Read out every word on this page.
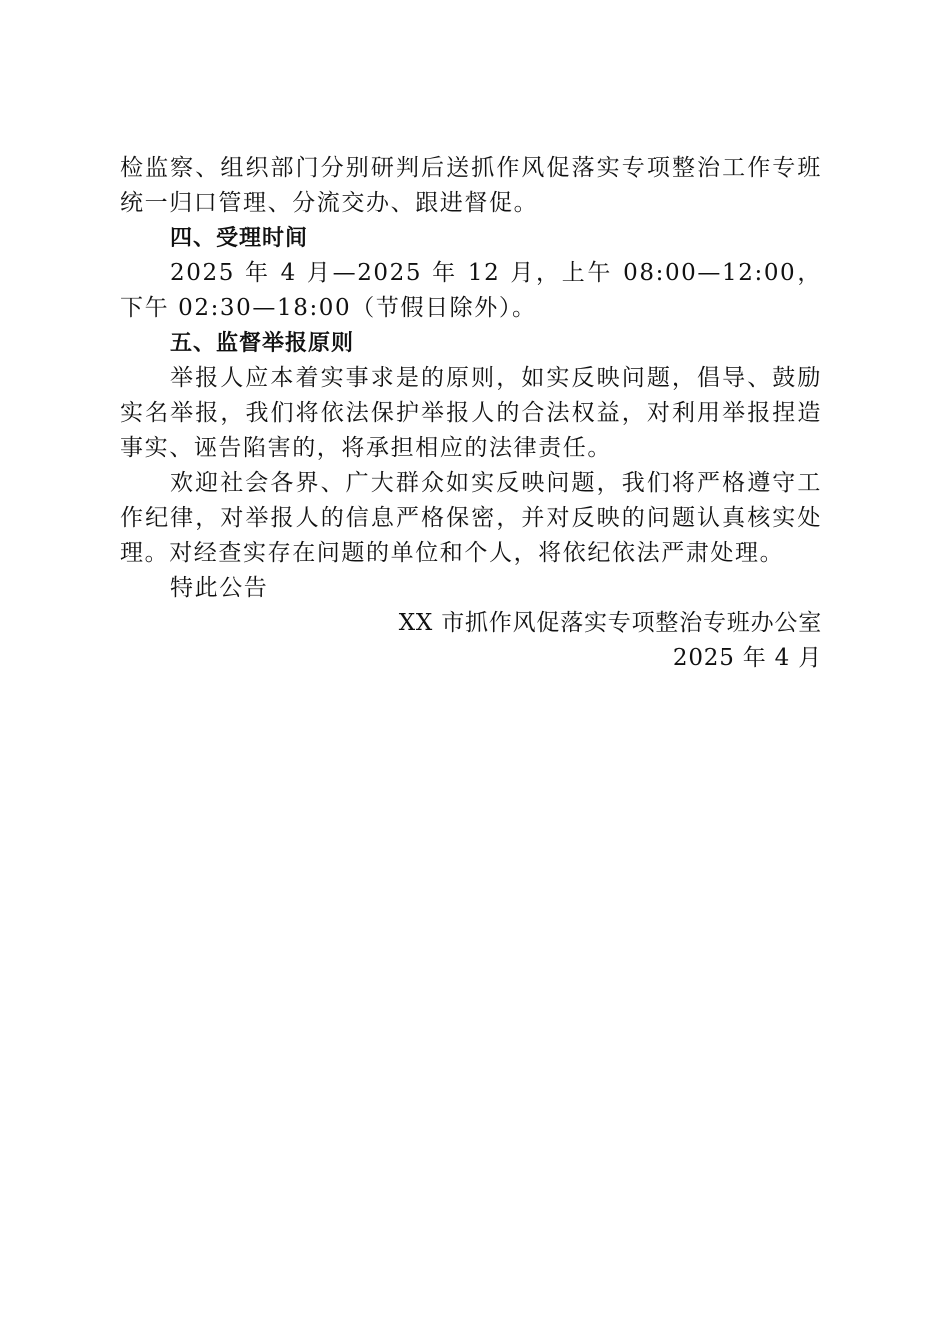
检监察、组织部门分别研判后送抓作风促落实专项整治工作专班统一归口管理、分流交办、跟进督促。

四、受理时间

2025 年 4 月—2025 年 12 月，上午 08:00—12:00，下午 02:30—18:00（节假日除外）。

五、监督举报原则

举报人应本着实事求是的原则，如实反映问题，倡导、鼓励实名举报，我们将依法保护举报人的合法权益，对利用举报捏造事实、诬告陷害的，将承担相应的法律责任。

欢迎社会各界、广大群众如实反映问题，我们将严格遵守工作纪律，对举报人的信息严格保密，并对反映的问题认真核实处理。对经查实存在问题的单位和个人，将依纪依法严肃处理。

特此公告

XX 市抓作风促落实专项整治专班办公室

2025 年 4 月
